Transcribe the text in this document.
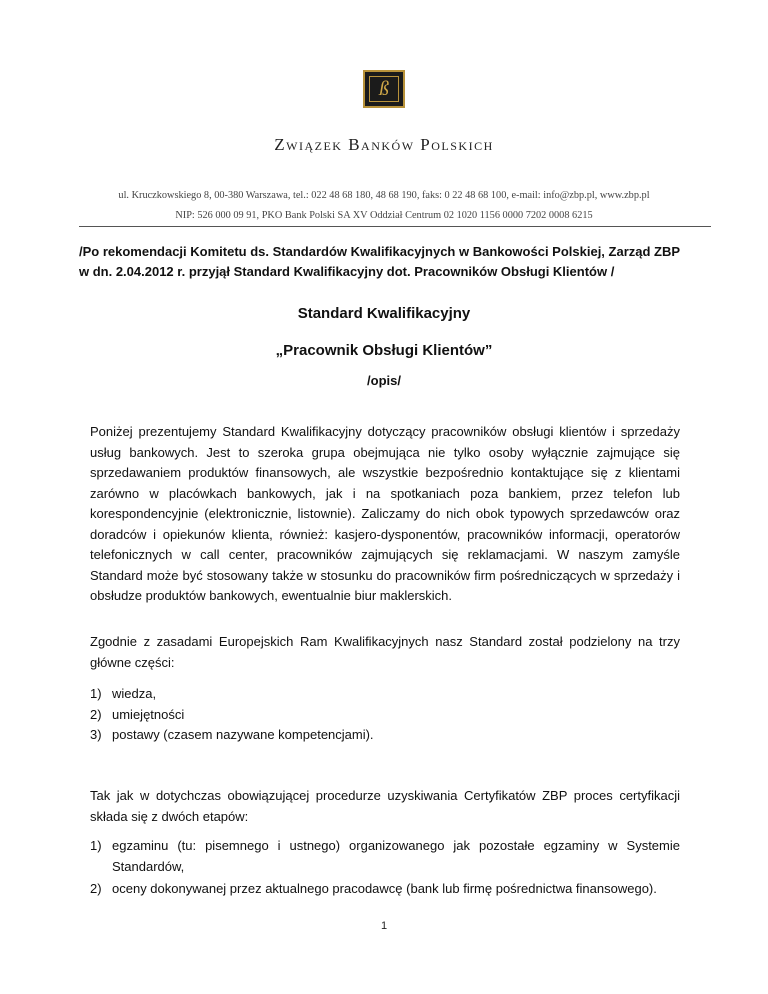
ß
Związek Banków Polskich
ul. Kruczkowskiego 8, 00-380 Warszawa, tel.: 022 48 68 180, 48 68 190, faks: 0 22 48 68 100, e-mail: info@zbp.pl, www.zbp.pl
NIP: 526 000 09 91, PKO Bank Polski SA XV Oddział Centrum 02 1020 1156 0000 7202 0008 6215
/Po rekomendacji Komitetu ds. Standardów Kwalifikacyjnych w Bankowości Polskiej, Zarząd ZBP w dn. 2.04.2012 r. przyjął Standard Kwalifikacyjny dot. Pracowników Obsługi Klientów /
Standard Kwalifikacyjny
„Pracownik Obsługi Klientów”
/opis/

Poniżej prezentujemy Standard Kwalifikacyjny dotyczący pracowników obsługi klientów i sprzedaży usług bankowych. Jest to szeroka grupa obejmująca nie tylko osoby wyłącznie zajmujące się sprzedawaniem produktów finansowych, ale wszystkie bezpośrednio kontaktujące się z klientami zarówno w placówkach bankowych, jak i na spotkaniach poza bankiem, przez telefon lub korespondencyjnie (elektronicznie, listownie). Zaliczamy do nich obok typowych sprzedawców oraz doradców i opiekunów klienta, również: kasjero-dysponentów, pracowników informacji, operatorów telefonicznych w call center, pracowników zajmujących się reklamacjami. W naszym zamyśle Standard może być stosowany także w stosunku do pracowników firm pośredniczących w sprzedaży i obsłudze produktów bankowych, ewentualnie biur maklerskich.

Zgodnie z zasadami Europejskich Ram Kwalifikacyjnych nasz Standard został podzielony na trzy główne części:

1) wiedza,
2) umiejętności
3) postawy (czasem nazywane kompetencjami).

Tak jak w dotychczas obowiązującej procedurze uzyskiwania Certyfikatów ZBP proces certyfikacji składa się z dwóch etapów:

1) egzaminu (tu: pisemnego i ustnego) organizowanego jak pozostałe egzaminy w Systemie Standardów,
2) oceny dokonywanej przez aktualnego pracodawcę (bank lub firmę pośrednictwa finansowego).
1
